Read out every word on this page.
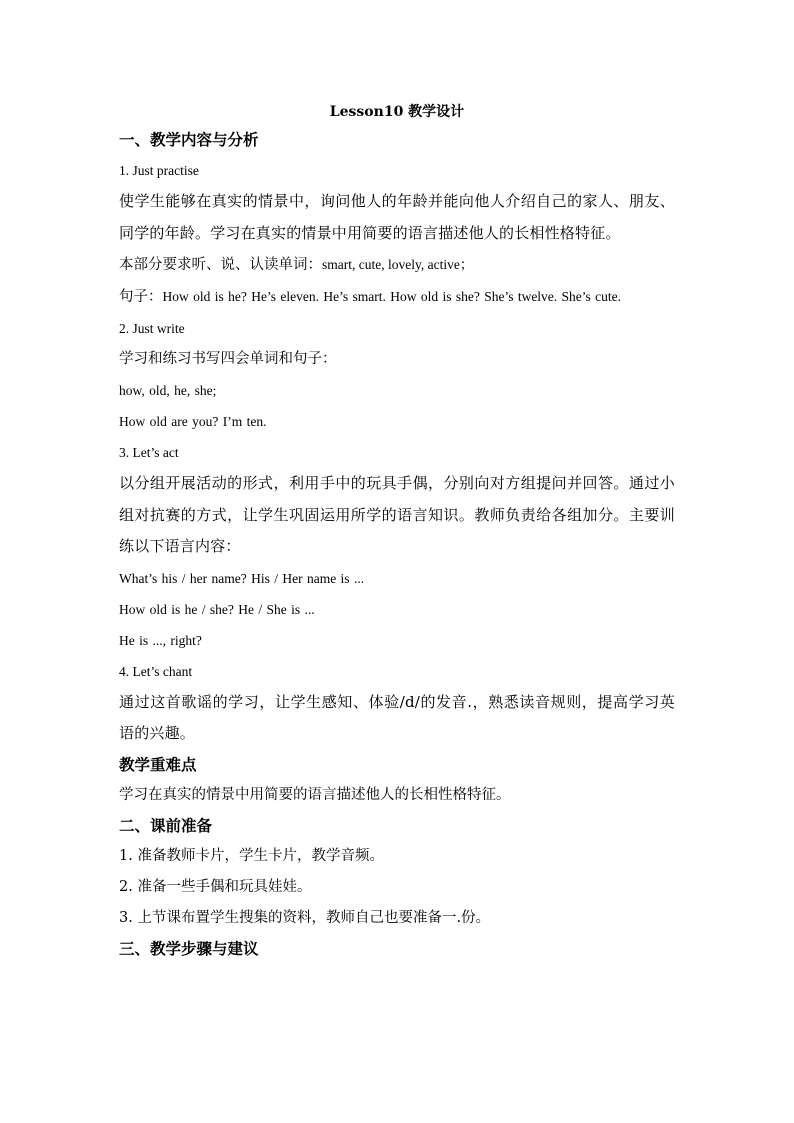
Lesson10 教学设计

一、教学内容与分析

1. Just practise

使学生能够在真实的情景中，询问他人的年龄并能向他人介绍自己的家人、朋友、同学的年龄。学习在真实的情景中用简要的语言描述他人的长相性格特征。

本部分要求听、说、认读单词：smart, cute, lovely, active；

句子：How old is he? He’s eleven. He’s smart. How old is she? She’s twelve. She’s cute.

2. Just write

学习和练习书写四会单词和句子：

how, old, he, she;

How old are you? I’m ten.

3. Let’s act

以分组开展活动的形式，利用手中的玩具手偶，分别向对方组提问并回答。通过小组对抗赛的方式，让学生巩固运用所学的语言知识。教师负责给各组加分。主要训练以下语言内容：

What’s his / her name? His / Her name is ...

How old is he / she? He / She is ...

He is ..., right?

4. Let’s chant

通过这首歌谣的学习，让学生感知、体验/d/的发音.，熟悉读音规则，提高学习英语的兴趣。

教学重难点

学习在真实的情景中用简要的语言描述他人的长相性格特征。

二、课前准备

1. 准备教师卡片，学生卡片，教学音频。

2. 准备一些手偶和玩具娃娃。

3. 上节课布置学生搜集的资料，教师自己也要准备一.份。

三、教学步骤与建议
